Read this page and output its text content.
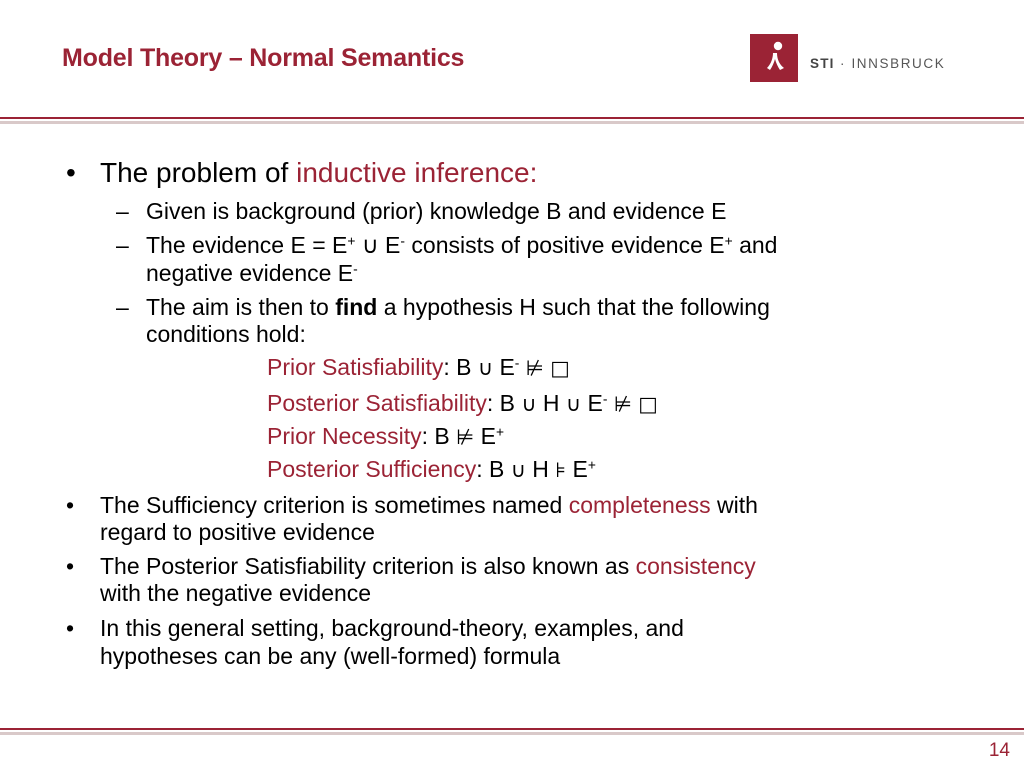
Model Theory – Normal Semantics	STI · INNSBRUCK
• The problem of inductive inference:
– Given is background (prior) knowledge B and evidence E
– The evidence E = E+ ∪ E- consists of positive evidence E+ and
negative evidence E-
– The aim is then to find a hypothesis H such that the following
conditions hold:
Prior Satisfiability: B ∪ E- ⊭ □
Posterior Satisfiability: B ∪ H ∪ E- ⊭ □
Prior Necessity: B ⊭ E+
Posterior Sufficiency: B ∪ H ⊧ E+
• The Sufficiency criterion is sometimes named completeness with
regard to positive evidence
• The Posterior Satisfiability criterion is also known as consistency
with the negative evidence
• In this general setting, background-theory, examples, and
hypotheses can be any (well-formed) formula
14
